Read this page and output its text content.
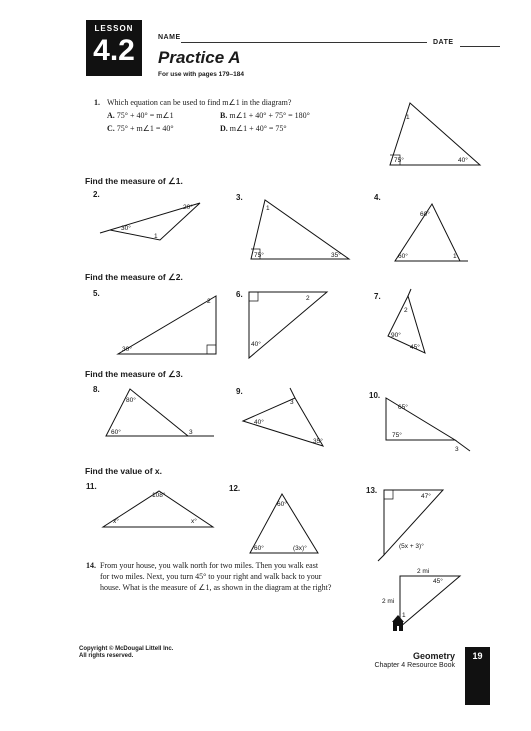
LESSON
4.2	NAME
DATE
Practice A
For use with pages 179–184
1. Which equation can be used to find m∠1 in the diagram?
A. 75° + 40° = m∠1	B. m∠1 + 40° + 75° = 180°
C. 75° + m∠1 = 40°	D. m∠1 + 40° = 75°
1
75°	40°
20°
30°
1
1
75°	35°
60°
60°	1
2
30°
2
40°
2
90°
45°
80°
60°	3
3
40°
35°
65°
75°
3
108°
x°	x°
60°
60°	(3x)°
47°
(5x + 3)°
2 mi
45°
2 mi
1
Find the measure of ∠1.
2.	3.	4.
Find the measure of ∠2.
5.	6.	7.
Find the measure of ∠3.
8.	9.	10.
Find the value of x.
11.	12.	13.
14. From your house, you walk north for two miles. Then you walk east
for two miles. Next, you turn 45° to your right and walk back to your
house. What is the measure of ∠1, as shown in the diagram at the right?
Copyright © McDougal Littell Inc.
All rights reserved.	Geometry
Chapter 4 Resource Book
19
